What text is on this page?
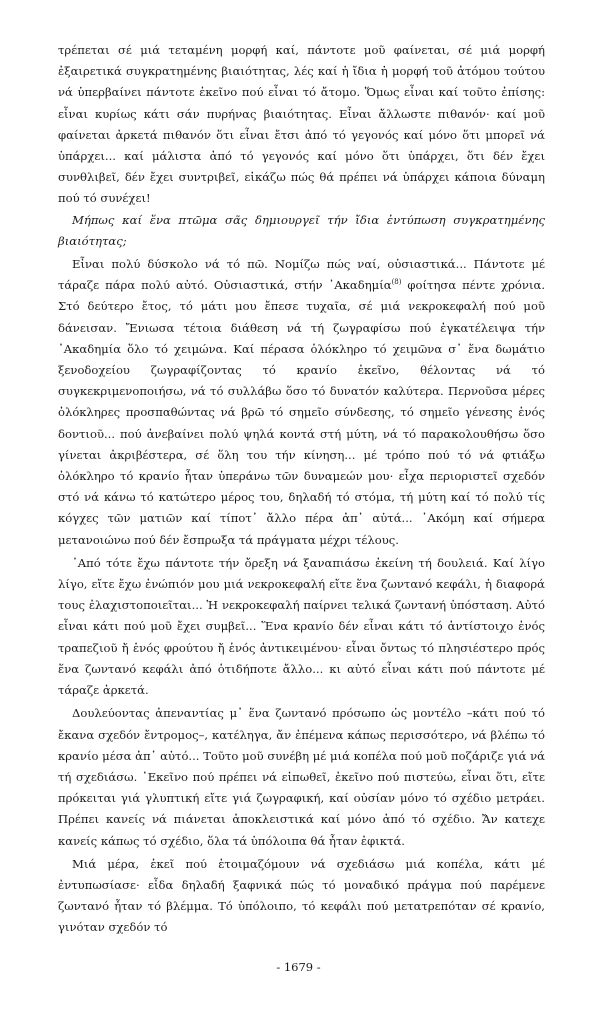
τρέπεται σέ μιά τεταμένη μορφή καί, πάντοτε μοῦ φαίνεται, σέ μιά μορφή ἐξαιρετικά συγκρατημένης βιαιότητας, λές καί ἡ ἴδια ἡ μορφή τοῦ ἀτόμου τούτου νά ὑπερβαίνει πάντοτε ἐκεῖνο πού εἶναι τό ἄτομο. Ὅμως εἶναι καί τοῦτο ἐπίσης: εἶναι κυρίως κάτι σάν πυρήνας βιαιότητας. Εἶναι ἄλλωστε πιθανόν· καί μοῦ φαίνεται ἀρκετά πιθανόν ὅτι εἶναι ἔτσι ἀπό τό γεγονός καί μόνο ὅτι μπορεῖ νά ὑπάρχει... καί μάλιστα ἀπό τό γεγονός καί μόνο ὅτι ὑπάρχει, ὅτι δέν ἔχει συνθλιβεῖ, δέν ἔχει συντριβεῖ, εἰκάζω πώς θά πρέπει νά ὑπάρχει κάποια δύναμη πού τό συνέχει!

Μήπως καί ἕνα πτῶμα σᾶς δημιουργεῖ τήν ἴδια ἐντύπωση συγκρατημένης βιαιότητας;

Εἶναι πολύ δύσκολο νά τό πῶ. Νομίζω πώς ναί, οὐσιαστικά... Πάντοτε μέ τάραζε πάρα πολύ αὐτό. Οὐσιαστικά, στήν ᾿Ακαδημία$^{(8)}$ φοίτησα πέντε χρόνια. Στό δεύτερο ἔτος, τό μάτι μου ἔπεσε τυχαῖα, σέ μιά νεκροκεφαλή πού μοῦ δάνεισαν. Ἔνιωσα τέτοια διάθεση νά τή ζωγραφίσω πού ἐγκατέλειψα τήν ᾿Ακαδημία ὅλο τό χειμώνα. Καί πέρασα ὁλόκληρο τό χειμῶνα σ᾿ ἕνα δωμάτιο ξενοδοχείου ζωγραφίζοντας τό κρανίο ἐκεῖνο, θέλοντας νά τό συγκεκριμενοποιήσω, νά τό συλλάβω ὅσο τό δυνατόν καλύτερα. Περνοῦσα μέρες ὁλόκληρες προσπαθώντας νά βρῶ τό σημεῖο σύνδεσης, τό σημεῖο γένεσης ἑνός δοντιοῦ... πού ἀνεβαίνει πολύ ψηλά κοντά στή μύτη, νά τό παρακολουθήσω ὅσο γίνεται ἀκριβέστερα, σέ ὅλη του τήν κίνηση... μέ τρόπο πού τό νά φτιάξω ὁλόκληρο τό κρανίο ἦταν ὑπεράνω τῶν δυναμεών μου· εἶχα περιοριστεῖ σχεδόν στό νά κάνω τό κατώτερο μέρος του, δηλαδή τό στόμα, τή μύτη καί τό πολύ τίς κόγχες τῶν ματιῶν καί τίποτ᾿ ἄλλο πέρα ἀπ᾿ αὐτά... ᾿Ακόμη καί σήμερα μετανοιώνω πού δέν ἔσπρωξα τά πράγματα μέχρι τέλους.

᾿Από τότε ἔχω πάντοτε τήν ὄρεξη νά ξαναπιάσω ἐκείνη τή δουλειά. Καί λίγο λίγο, εἴτε ἔχω ἐνώπιόν μου μιά νεκροκεφαλή εἴτε ἕνα ζωντανό κεφάλι, ἡ διαφορά τους ἐλαχιστοποιεῖται... Ἡ νεκροκεφαλή παίρνει τελικά ζωντανή ὑπόσταση. Αὐτό εἶναι κάτι πού μοῦ ἔχει συμβεῖ... Ἕνα κρανίο δέν εἶναι κάτι τό ἀντίστοιχο ἑνός τραπεζιοῦ ἤ ἑνός φρούτου ἤ ἑνός ἀντικειμένου· εἶναι ὄντως τό πλησιέστερο πρός ἕνα ζωντανό κεφάλι ἀπό ὁτιδήποτε ἄλλο... κι αὐτό εἶναι κάτι πού πάντοτε μέ τάραζε ἀρκετά.

Δουλεύοντας ἀπεναντίας μ᾿ ἕνα ζωντανό πρόσωπο ὡς μοντέλο –κάτι πού τό ἔκανα σχεδόν ἔντρομος–, κατέληγα, ἄν ἐπέμενα κάπως περισσότερο, νά βλέπω τό κρανίο μέσα ἀπ᾿ αὐτό... Τοῦτο μοῦ συνέβη μέ μιά κοπέλα πού μοῦ ποζάριζε γιά νά τή σχεδιάσω. ᾿Εκεῖνο πού πρέπει νά εἰπωθεῖ, ἐκεῖνο πού πιστεύω, εἶναι ὅτι, εἴτε πρόκειται γιά γλυπτική εἴτε γιά ζωγραφική, καί οὐσίαν μόνο τό σχέδιο μετράει. Πρέπει κανείς νά πιάνεται ἀποκλειστικά καί μόνο ἀπό τό σχέδιο. Ἄν κατεχε κανείς κάπως τό σχέδιο, ὅλα τά ὑπόλοιπα θά ἦταν ἐφικτά.

Μιά μέρα, ἐκεῖ πού ἑτοιμαζόμουν νά σχεδιάσω μιά κοπέλα, κάτι μέ ἐντυπωσίασε· εἶδα δηλαδή ξαφνικά πώς τό μοναδικό πράγμα πού παρέμενε ζωντανό ἦταν τό βλέμμα. Τό ὑπόλοιπο, τό κεφάλι πού μετατρεπόταν σέ κρανίο, γινόταν σχεδόν τό

- 1679 -
